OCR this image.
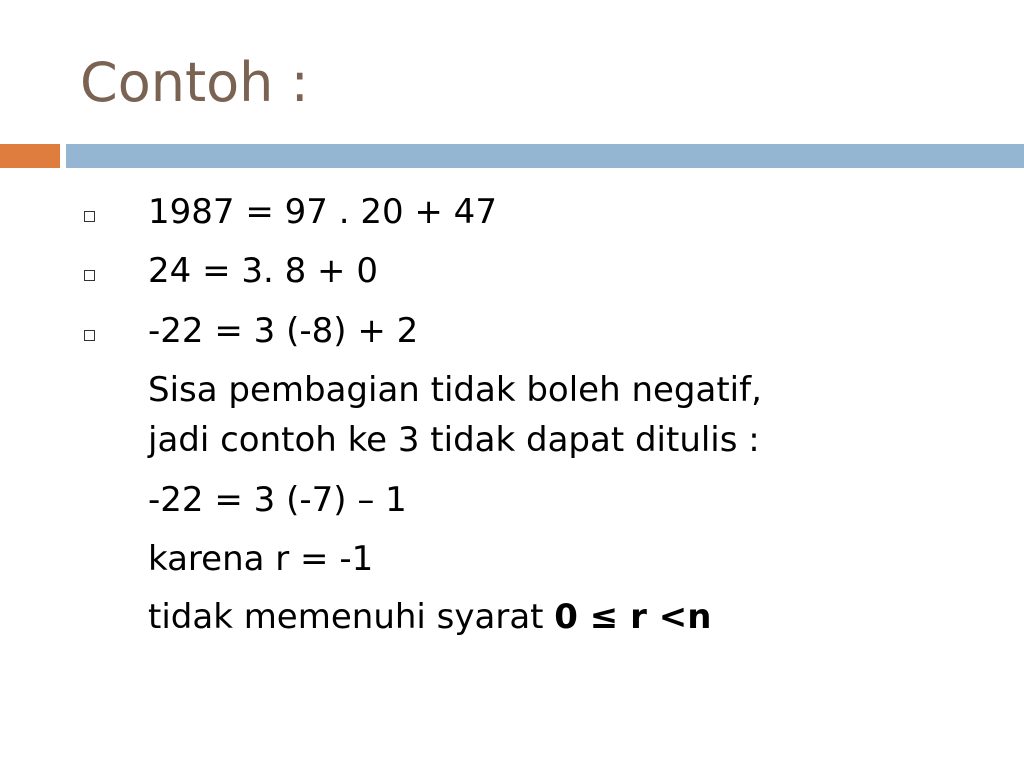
Contoh :
1987 = 97 . 20 + 47
24 = 3. 8 + 0
-22 = 3 (-8) + 2
Sisa pembagian tidak boleh negatif,
jadi contoh ke 3 tidak dapat ditulis :
-22 = 3 (-7) – 1
karena r = -1
tidak memenuhi syarat 0 ≤ r <n
